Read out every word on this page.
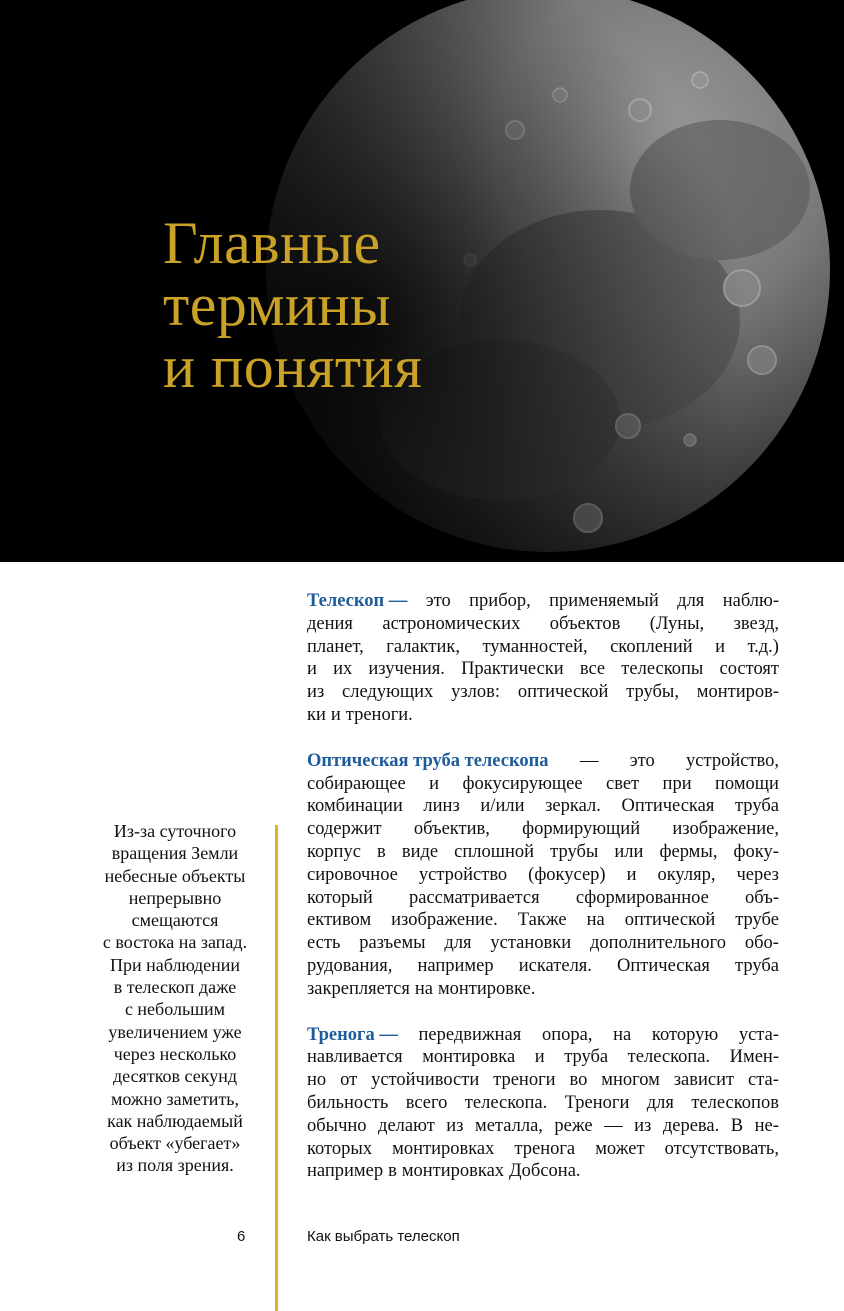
Главные
термины
и понятия
Из-за суточного
вращения Земли
небесные объекты
непрерывно
смещаются
с востока на запад.
При наблюдении
в телескоп даже
с небольшим
увеличением уже
через несколько
десятков секунд
можно заметить,
как наблюдаемый
объект «убегает»
из поля зрения.
Телескоп — это прибор, применяемый для наблю-
дения астрономических объектов (Луны, звезд,
планет, галактик, туманностей, скоплений и т.д.)
и их изучения. Практически все телескопы состоят
из следующих узлов: оптической трубы, монтиров-
ки и треноги.
Оптическая труба телескопа — это устройство,
собирающее и фокусирующее свет при помощи
комбинации линз и/или зеркал. Оптическая труба
содержит объектив, формирующий изображение,
корпус в виде сплошной трубы или фермы, фоку-
сировочное устройство (фокусер) и окуляр, через
который рассматривается сформированное объ-
ективом изображение. Также на оптической трубе
есть разъемы для установки дополнительного обо-
рудования, например искателя. Оптическая труба
закрепляется на монтировке.
Тренога — передвижная опора, на которую уста-
навливается монтировка и труба телескопа. Имен-
но от устойчивости треноги во многом зависит ста-
бильность всего телескопа. Треноги для телескопов
обычно делают из металла, реже — из дерева. В не-
которых монтировках тренога может отсутствовать,
например в монтировках Добсона.
6	Как выбрать телескоп
